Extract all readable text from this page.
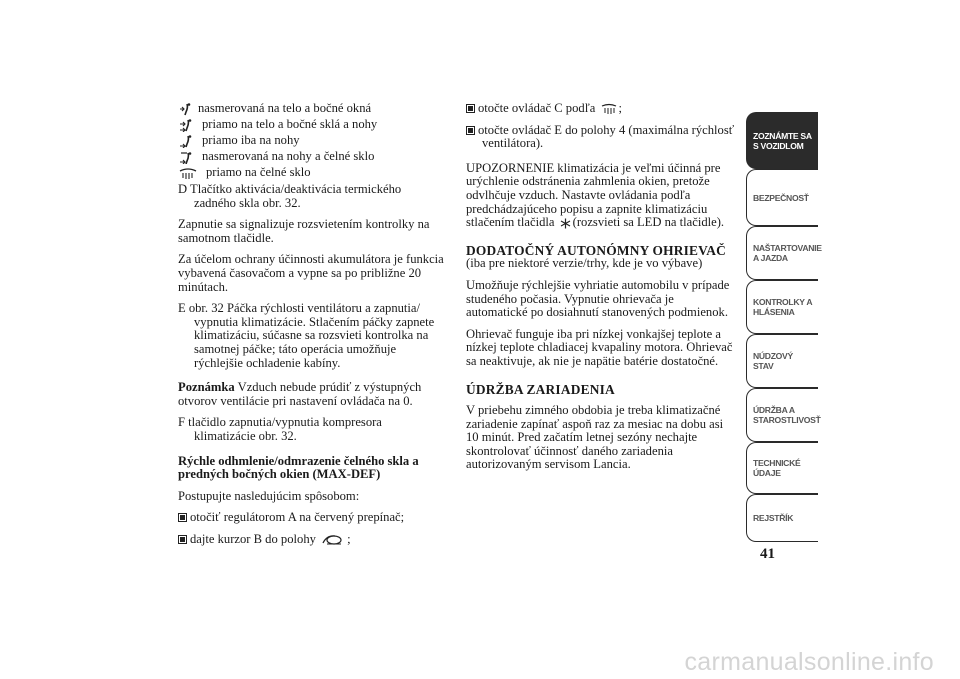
nasmerovaná na telo a bočné okná
priamo na telo a bočné sklá a nohy
priamo iba na nohy
nasmerovaná na nohy a čelné sklo
priamo na čelné sklo

D Tlačítko aktivácia/deaktivácia termického zadného skla obr. 32.

Zapnutie sa signalizuje rozsvietením kontrolky na samotnom tlačidle.

Za účelom ochrany účinnosti akumulátora je funkcia vybavená časovačom a vypne sa po približne 20 minútach.

E obr. 32 Páčka rýchlosti ventilátoru a zapnutia/ vypnutia klimatizácie. Stlačením páčky zapnete klimatizáciu, súčasne sa rozsvieti kontrolka na samotnej páčke; táto operácia umožňuje rýchlejšie ochladenie kabíny.

Poznámka Vzduch nebude prúdiť z výstupných otvorov ventilácie pri nastavení ovládača na 0.

F tlačidlo zapnutia/vypnutia kompresora klimatizácie obr. 32.

Rýchle odhmlenie/odmrazenie čelného skla a predných bočných okien (MAX-DEF)

Postupujte nasledujúcim spôsobom:

otočiť regulátorom A na červený prepínač;

dajte kurzor B do polohy ;

otočte ovládač C podľa ;

otočte ovládač E do polohy 4 (maximálna rýchlosť ventilátora).

UPOZORNENIE klimatizácia je veľmi účinná pre urýchlenie odstránenia zahmlenia okien, pretože odvlhčuje vzduch. Nastavte ovládania podľa predchádzajúceho popisu a zapnite klimatizáciu stlačením tlačidla (rozsvieti sa LED na tlačidle).

DODATOČNÝ AUTONÓMNY OHRIEVAČ

(iba pre niektoré verzie/trhy, kde je vo výbave)

Umožňuje rýchlejšie vyhriatie automobilu v prípade studeného počasia. Vypnutie ohrievača je automatické po dosiahnutí stanovených podmienok.

Ohrievač funguje iba pri nízkej vonkajšej teplote a nízkej teplote chladiacej kvapaliny motora. Ohrievač sa neaktivuje, ak nie je napätie batérie dostatočné.

ÚDRŽBA ZARIADENIA

V priebehu zimného obdobia je treba klimatizačné zariadenie zapínať aspoň raz za mesiac na dobu asi 10 minút. Pred začatím letnej sezóny nechajte skontrolovať účinnosť daného zariadenia autorizovaným servisom Lancia.

ZOZNÁMTE SA S VOZIDLOM
BEZPEČNOSŤ
NAŠTARTOVANIE A JAZDA
KONTROLKY A HLÁSENIA
NÚDZOVÝ STAV
ÚDRŽBA A STAROSTLIVOSŤ
TECHNICKÉ ÚDAJE
REJSTŘÍK
41
carmanualsonline.info
